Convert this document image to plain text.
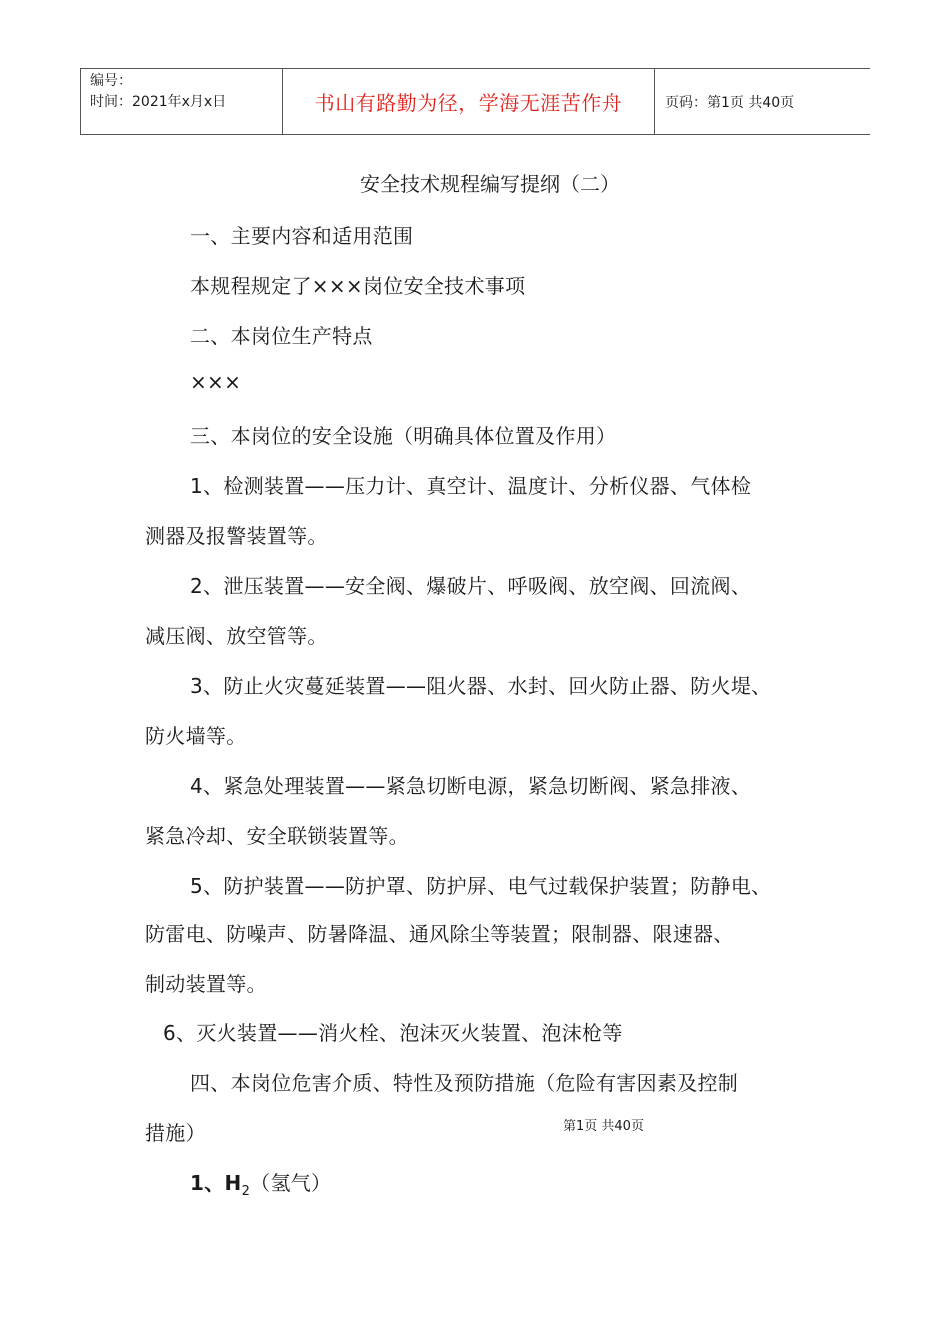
编号：
时间：2021年x月x日	书山有路勤为径，学海无涯苦作舟	页码：第1页 共40页
安全技术规程编写提纲（二）
一、主要内容和适用范围
本规程规定了×××岗位安全技术事项
二、本岗位生产特点
×××
三、本岗位的安全设施（明确具体位置及作用）
1、检测装置——压力计、真空计、温度计、分析仪器、气体检
测器及报警装置等。
2、泄压装置——安全阀、爆破片、呼吸阀、放空阀、回流阀、
减压阀、放空管等。
3、防止火灾蔓延装置——阻火器、水封、回火防止器、防火堤、
防火墙等。
4、紧急处理装置——紧急切断电源，紧急切断阀、紧急排液、
紧急冷却、安全联锁装置等。
5、防护装置——防护罩、防护屏、电气过载保护装置；防静电、
防雷电、防噪声、防暑降温、通风除尘等装置；限制器、限速器、
制动装置等。
6、灭火装置——消火栓、泡沫灭火装置、泡沫枪等
四、本岗位危害介质、特性及预防措施（危险有害因素及控制
措施）	第1页 共40页
1、$H_2$（氢气）
